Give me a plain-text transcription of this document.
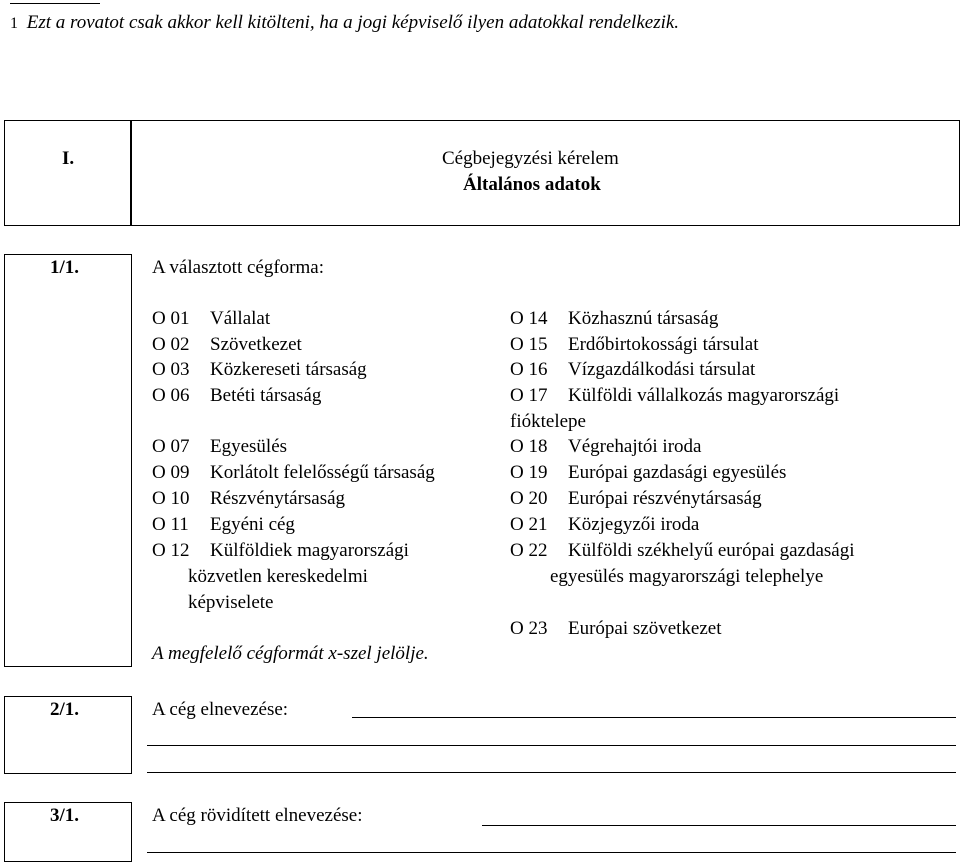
1 Ezt a rovatot csak akkor kell kitölteni, ha a jogi képviselő ilyen adatokkal rendelkezik.
I.	Cégbejegyzési kérelem
Általános adatok
1/1.	A választott cégforma:
O 01 Vállalat
O 02 Szövetkezet
O 03 Közkereseti társaság
O 06 Betéti társaság
O 07 Egyesülés
O 09 Korlátolt felelősségű társaság
O 10 Részvénytársaság
O 11 Egyéni cég
O 12 Külföldiek magyarországi
közvetlen kereskedelmi
képviselete
O 14 Közhasznú társaság
O 15 Erdőbirtokossági társulat
O 16 Vízgazdálkodási társulat
O 17 Külföldi vállalkozás magyarországi
fióktelepe
O 18 Végrehajtói iroda
O 19 Európai gazdasági egyesülés
O 20 Európai részvénytársaság
O 21 Közjegyzői iroda
O 22 Külföldi székhelyű európai gazdasági
egyesülés magyarországi telephelye
O 23 Európai szövetkezet
A megfelelő cégformát x-szel jelölje.
2/1.	A cég elnevezése:
3/1.	A cég rövidített elnevezése:
